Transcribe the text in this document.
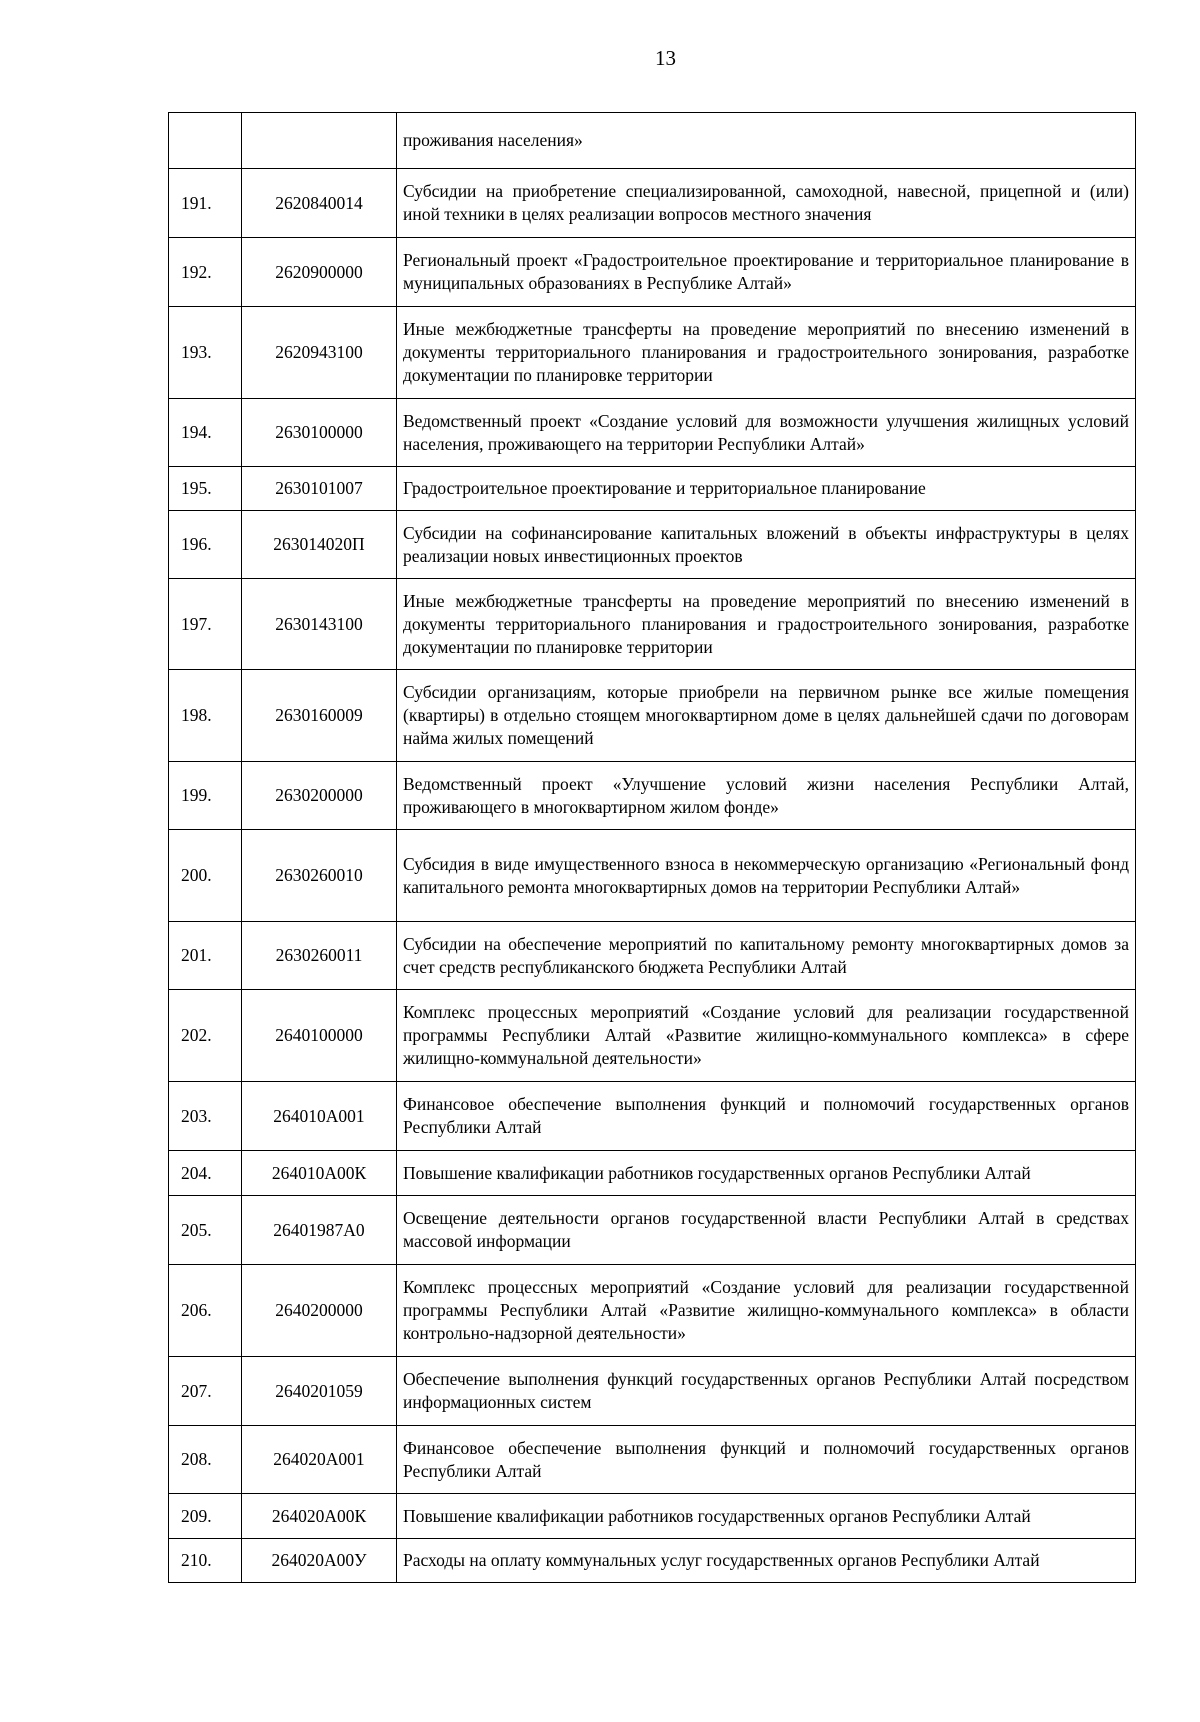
13
		проживания населения»
191.	2620840014	Субсидии на приобретение специализированной, самоходной, навесной, прицепной и (или) иной техники в целях реализации вопросов местного значения
192.	2620900000	Региональный проект «Градостроительное проектирование и территориальное планирование в муниципальных образованиях в Республике Алтай»
193.	2620943100	Иные межбюджетные трансферты на проведение мероприятий по внесению изменений в документы территориального планирования и градостроительного зонирования, разработке документации по планировке территории
194.	2630100000	Ведомственный проект «Создание условий для возможности улучшения жилищных условий населения, проживающего на территории Республики Алтай»
195.	2630101007	Градостроительное проектирование и территориальное планирование
196.	263014020П	Субсидии на софинансирование капитальных вложений в объекты инфраструктуры в целях реализации новых инвестиционных проектов
197.	2630143100	Иные межбюджетные трансферты на проведение мероприятий по внесению изменений в документы территориального планирования и градостроительного зонирования, разработке документации по планировке территории
198.	2630160009	Субсидии организациям, которые приобрели на первичном рынке все жилые помещения (квартиры) в отдельно стоящем многоквартирном доме в целях дальнейшей сдачи по договорам найма жилых помещений
199.	2630200000	Ведомственный проект «Улучшение условий жизни населения Республики Алтай, проживающего в многоквартирном жилом фонде»
200.	2630260010	Субсидия в виде имущественного взноса в некоммерческую организацию «Региональный фонд капитального ремонта многоквартирных домов на территории Республики Алтай»
201.	2630260011	Субсидии на обеспечение мероприятий по капитальному ремонту многоквартирных домов за счет средств республиканского бюджета Республики Алтай
202.	2640100000	Комплекс процессных мероприятий «Создание условий для реализации государственной программы Республики Алтай «Развитие жилищно-коммунального комплекса» в сфере жилищно-коммунальной деятельности»
203.	264010А001	Финансовое обеспечение выполнения функций и полномочий государственных органов Республики Алтай
204.	264010А00К	Повышение квалификации работников государственных органов Республики Алтай
205.	26401987А0	Освещение деятельности органов государственной власти Республики Алтай в средствах массовой информации
206.	2640200000	Комплекс процессных мероприятий «Создание условий для реализации государственной программы Республики Алтай «Развитие жилищно-коммунального комплекса» в области контрольно-надзорной деятельности»
207.	2640201059	Обеспечение выполнения функций государственных органов Республики Алтай посредством информационных систем
208.	264020А001	Финансовое обеспечение выполнения функций и полномочий государственных органов Республики Алтай
209.	264020А00К	Повышение квалификации работников государственных органов Республики Алтай
210.	264020А00У	Расходы на оплату коммунальных услуг государственных органов Республики Алтай
